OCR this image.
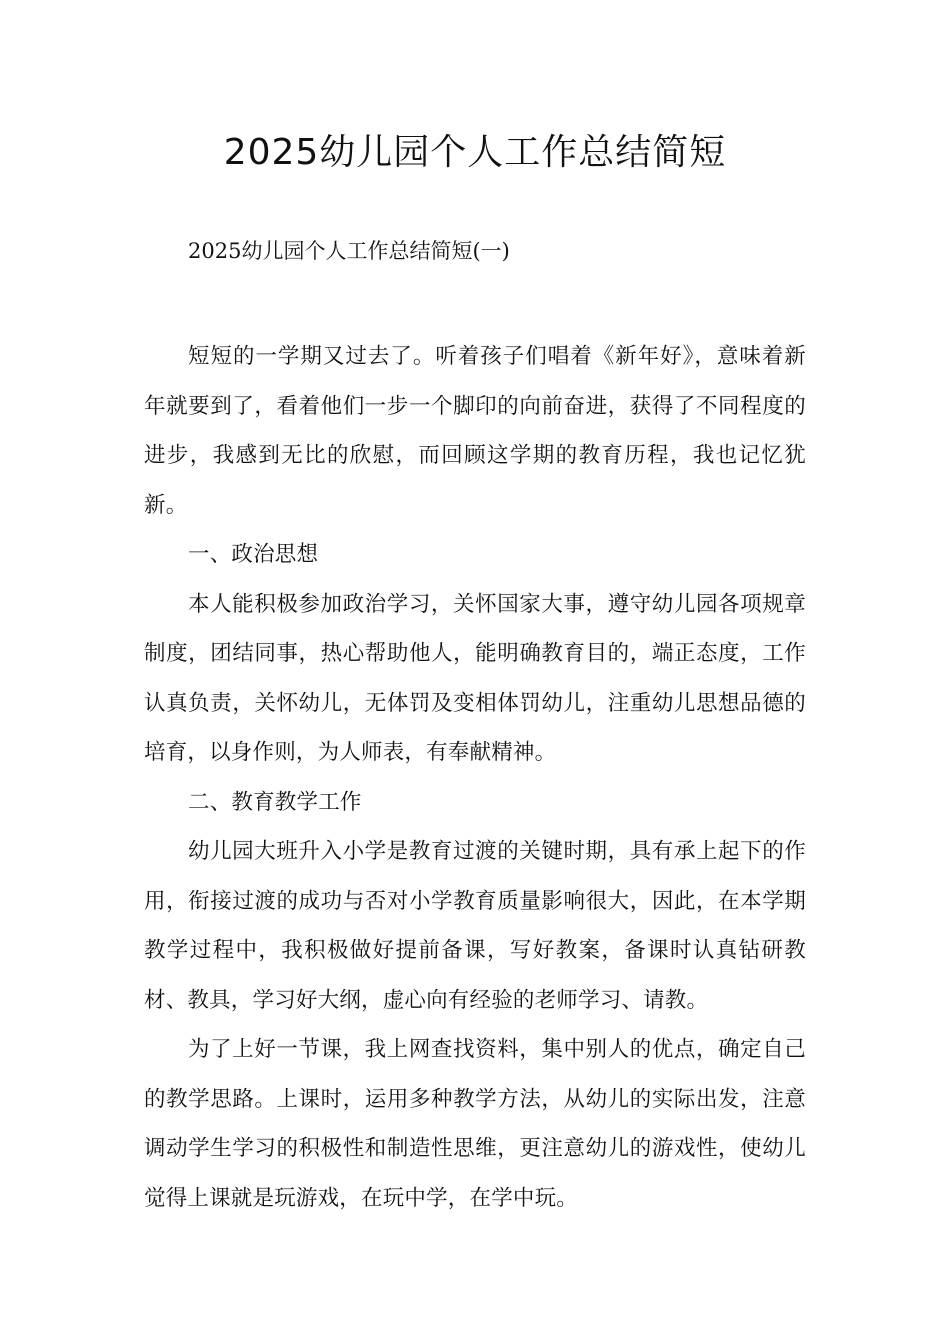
2025幼儿园个人工作总结简短

2025幼儿园个人工作总结简短(一)

短短的一学期又过去了。听着孩子们唱着《新年好》，意味着新年就要到了，看着他们一步一个脚印的向前奋进，获得了不同程度的进步，我感到无比的欣慰，而回顾这学期的教育历程，我也记忆犹新。

一、政治思想

本人能积极参加政治学习，关怀国家大事，遵守幼儿园各项规章制度，团结同事，热心帮助他人，能明确教育目的，端正态度，工作认真负责，关怀幼儿，无体罚及变相体罚幼儿，注重幼儿思想品德的培育，以身作则，为人师表，有奉献精神。

二、教育教学工作

幼儿园大班升入小学是教育过渡的关键时期，具有承上起下的作用，衔接过渡的成功与否对小学教育质量影响很大，因此，在本学期教学过程中，我积极做好提前备课，写好教案，备课时认真钻研教材、教具，学习好大纲，虚心向有经验的老师学习、请教。

为了上好一节课，我上网查找资料，集中别人的优点，确定自己的教学思路。上课时，运用多种教学方法，从幼儿的实际出发，注意调动学生学习的积极性和制造性思维，更注意幼儿的游戏性，使幼儿觉得上课就是玩游戏，在玩中学，在学中玩。
